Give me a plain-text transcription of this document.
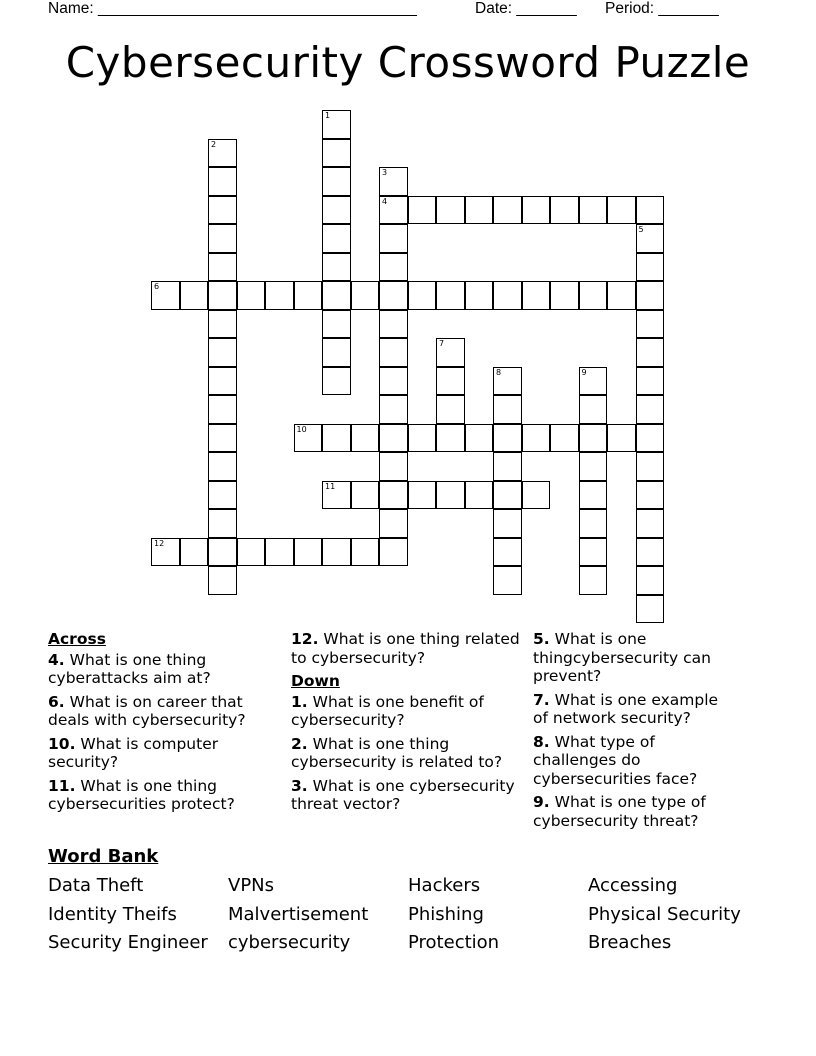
Name: _____________________________________	Date: _______ Period: _______
Cybersecurity Crossword Puzzle
1
2
3
4
5
6
7
8	9
10
11
12
Across
4. What is one thing cyberattacks aim at?
6. What is on career that deals with cybersecurity?
10. What is computer security?
11. What is one thing cybersecurities protect?
12. What is one thing related to cybersecurity?
Down
1. What is one benefit of cybersecurity?
2. What is one thing cybersecurity is related to?
3. What is one cybersecurity threat vector?
5. What is one thingcybersecurity can prevent?
7. What is one example of network security?
8. What type of challenges do cybersecurities face?
9. What is one type of cybersecurity threat?
Word Bank
Data Theft
Identity Theifs
Security Engineer
VPNs
Malvertisement
cybersecurity
Hackers
Phishing
Protection
Accessing
Physical Security
Breaches
